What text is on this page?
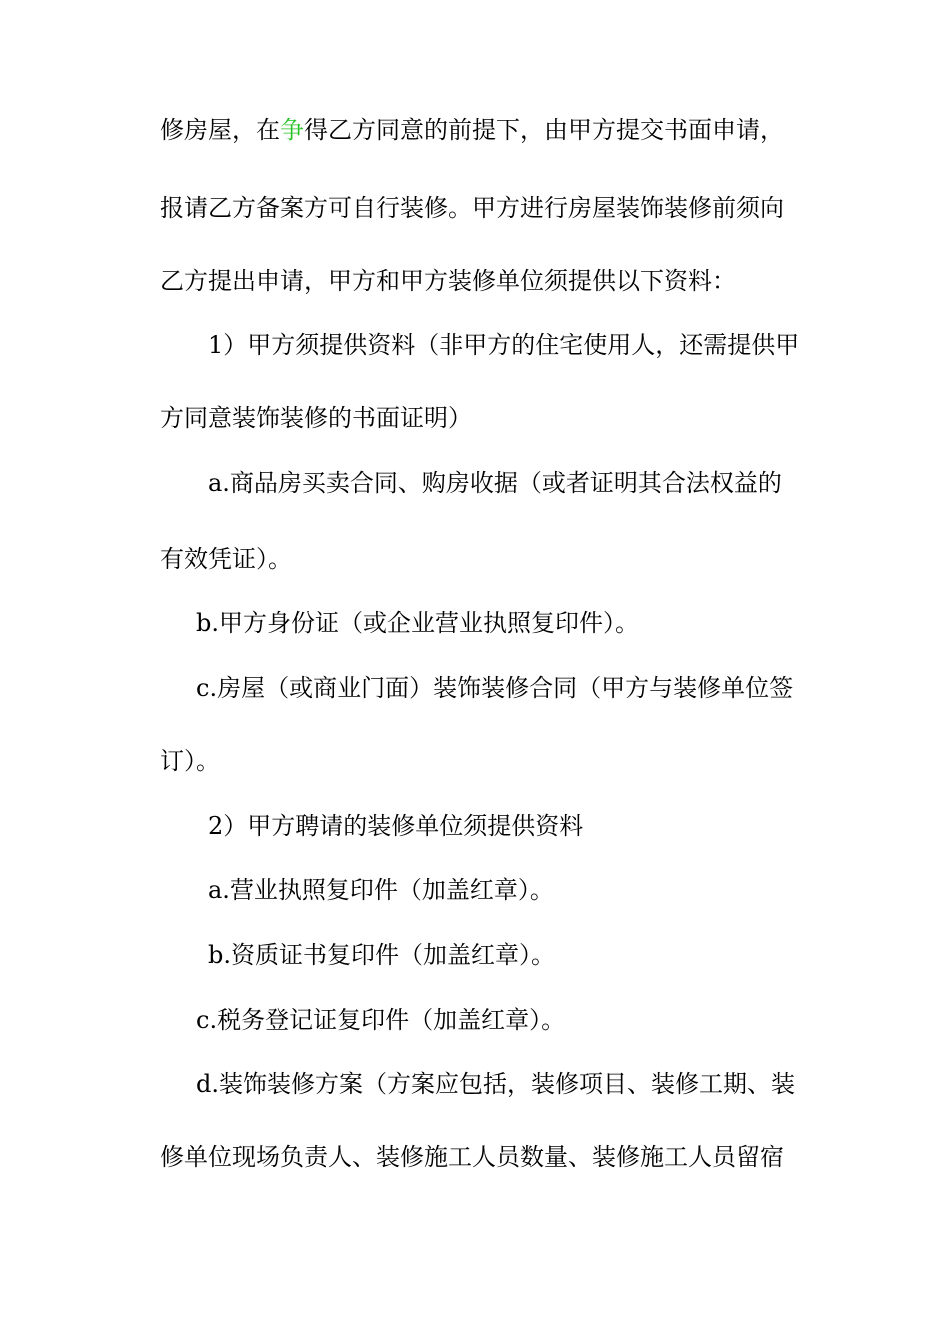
修房屋，在争得乙方同意的前提下，由甲方提交书面申请，

报请乙方备案方可自行装修。甲方进行房屋装饰装修前须向

乙方提出申请，甲方和甲方装修单位须提供以下资料：

1）甲方须提供资料（非甲方的住宅使用人，还需提供甲

方同意装饰装修的书面证明）

a.商品房买卖合同、购房收据（或者证明其合法权益的

有效凭证）。

b.甲方身份证（或企业营业执照复印件）。

c.房屋（或商业门面）装饰装修合同（甲方与装修单位签

订）。

2）甲方聘请的装修单位须提供资料

a.营业执照复印件（加盖红章）。

b.资质证书复印件（加盖红章）。

c.税务登记证复印件（加盖红章）。

d.装饰装修方案（方案应包括，装修项目、装修工期、装

修单位现场负责人、装修施工人员数量、装修施工人员留宿
